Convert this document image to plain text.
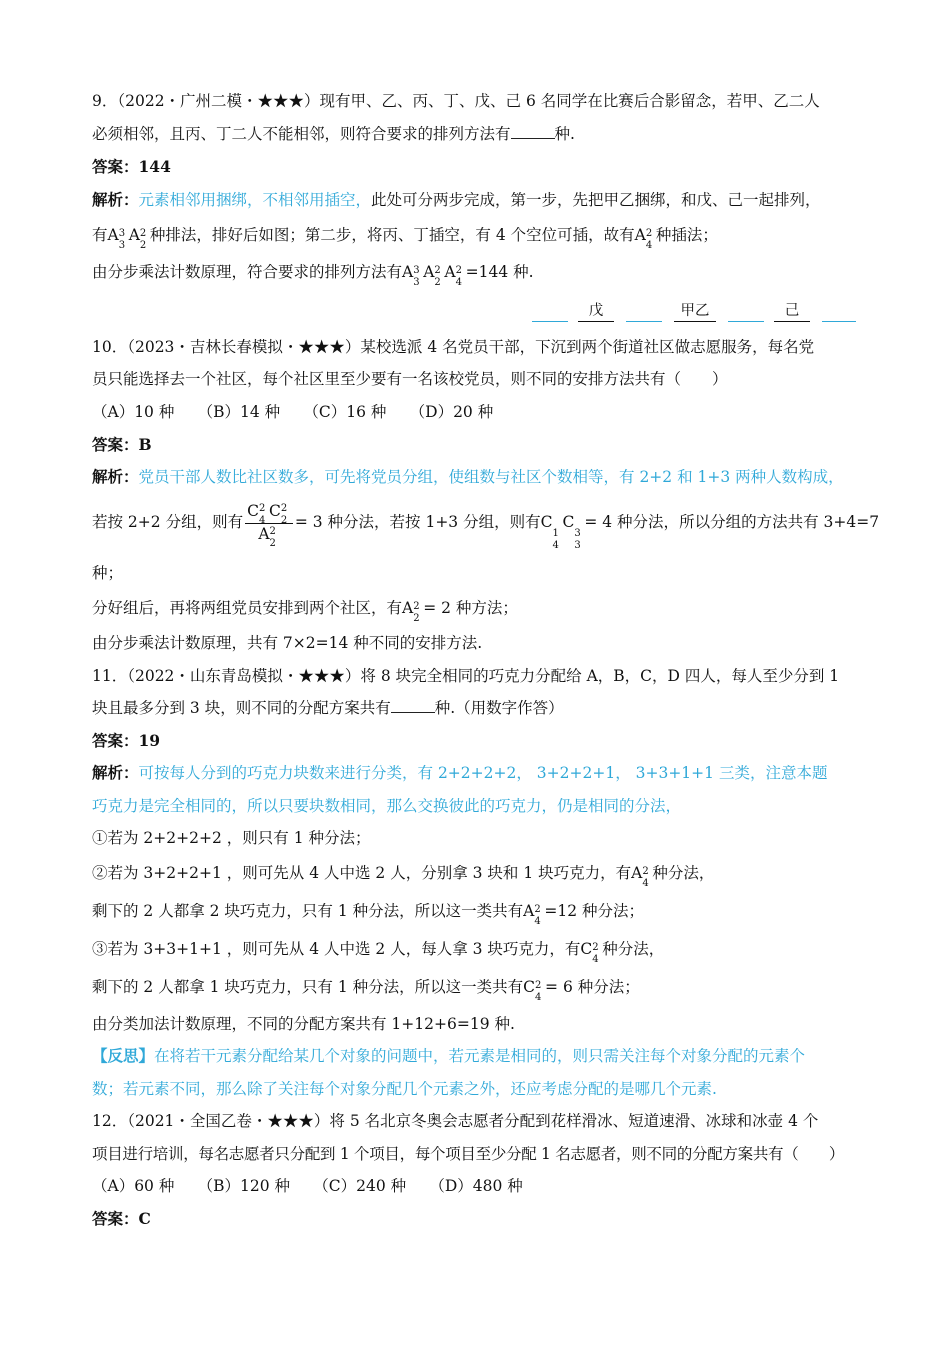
9．（2022・广州二模・★★★）现有甲、乙、丙、丁、戊、己 6 名同学在比赛后合影留念，若甲、乙二人
必须相邻，且丙、丁二人不能相邻，则符合要求的排列方法有	种.
答案：144
解析：元素相邻用捆绑，不相邻用插空，此处可分两步完成，第一步，先把甲乙捆绑，和戊、己一起排列，
有A 3
3
A 2
2
种排法，排好后如图；第二步，将丙、丁插空，有 4 个空位可插，故有A 2
4
种插法；
由分步乘法计数原理，符合要求的排列方法有A 3
3
A 2
2
A 2
4
=144 种.
戊	甲乙	己
10．（2023・吉林长春模拟・★★★）某校选派 4 名党员干部，下沉到两个街道社区做志愿服务，每名党
员只能选择去一个社区，每个社区里至少要有一名该校党员，则不同的安排方法共有（　　）
（A）10 种　　（B）14 种　　（C）16 种　　（D）20 种
答案：B
解析：党员干部人数比社区数多，可先将党员分组，使组数与社区个数相等，有 2+2 和 1+3 两种人数构成，
若按 2+2 分组，则有 C 2
4
C 2
2
A 2
2 = 3 种分法，若按 1+3 分组，则有C
1
4
C
3
3
= 4 种分法，所以分组的方法共有 3+4=7
种；
分好组后，再将两组党员安排到两个社区，有A 2
2
= 2 种方法；
由分步乘法计数原理，共有 7×2=14 种不同的安排方法.
11．（2022・山东青岛模拟・★★★）将 8 块完全相同的巧克力分配给 A，B，C，D 四人，每人至少分到 1
块且最多分到 3 块，则不同的分配方案共有	种.（用数字作答）
答案：19
解析：可按每人分到的巧克力块数来进行分类，有 2+2+2+2， 3+2+2+1， 3+3+1+1 三类，注意本题
巧克力是完全相同的，所以只要块数相同，那么交换彼此的巧克力，仍是相同的分法，
①若为 2+2+2+2 ，则只有 1 种分法；
②若为 3+2+2+1 ，则可先从 4 人中选 2 人，分别拿 3 块和 1 块巧克力，有A 2
4
种分法，
剩下的 2 人都拿 2 块巧克力，只有 1 种分法，所以这一类共有A 2
4
=12 种分法；
③若为 3+3+1+1 ，则可先从 4 人中选 2 人，每人拿 3 块巧克力，有C 2
4
种分法，
剩下的 2 人都拿 1 块巧克力，只有 1 种分法，所以这一类共有C 2
4
= 6 种分法；
由分类加法计数原理，不同的分配方案共有 1+12+6=19 种.
【反思】在将若干元素分配给某几个对象的问题中，若元素是相同的，则只需关注每个对象分配的元素个
数；若元素不同，那么除了关注每个对象分配几个元素之外，还应考虑分配的是哪几个元素.
12．（2021・全国乙卷・★★★）将 5 名北京冬奥会志愿者分配到花样滑冰、短道速滑、冰球和冰壶 4 个
项目进行培训，每名志愿者只分配到 1 个项目，每个项目至少分配 1 名志愿者，则不同的分配方案共有（　　）
（A）60 种　　（B）120 种　　（C）240 种　　（D）480 种
答案：C
